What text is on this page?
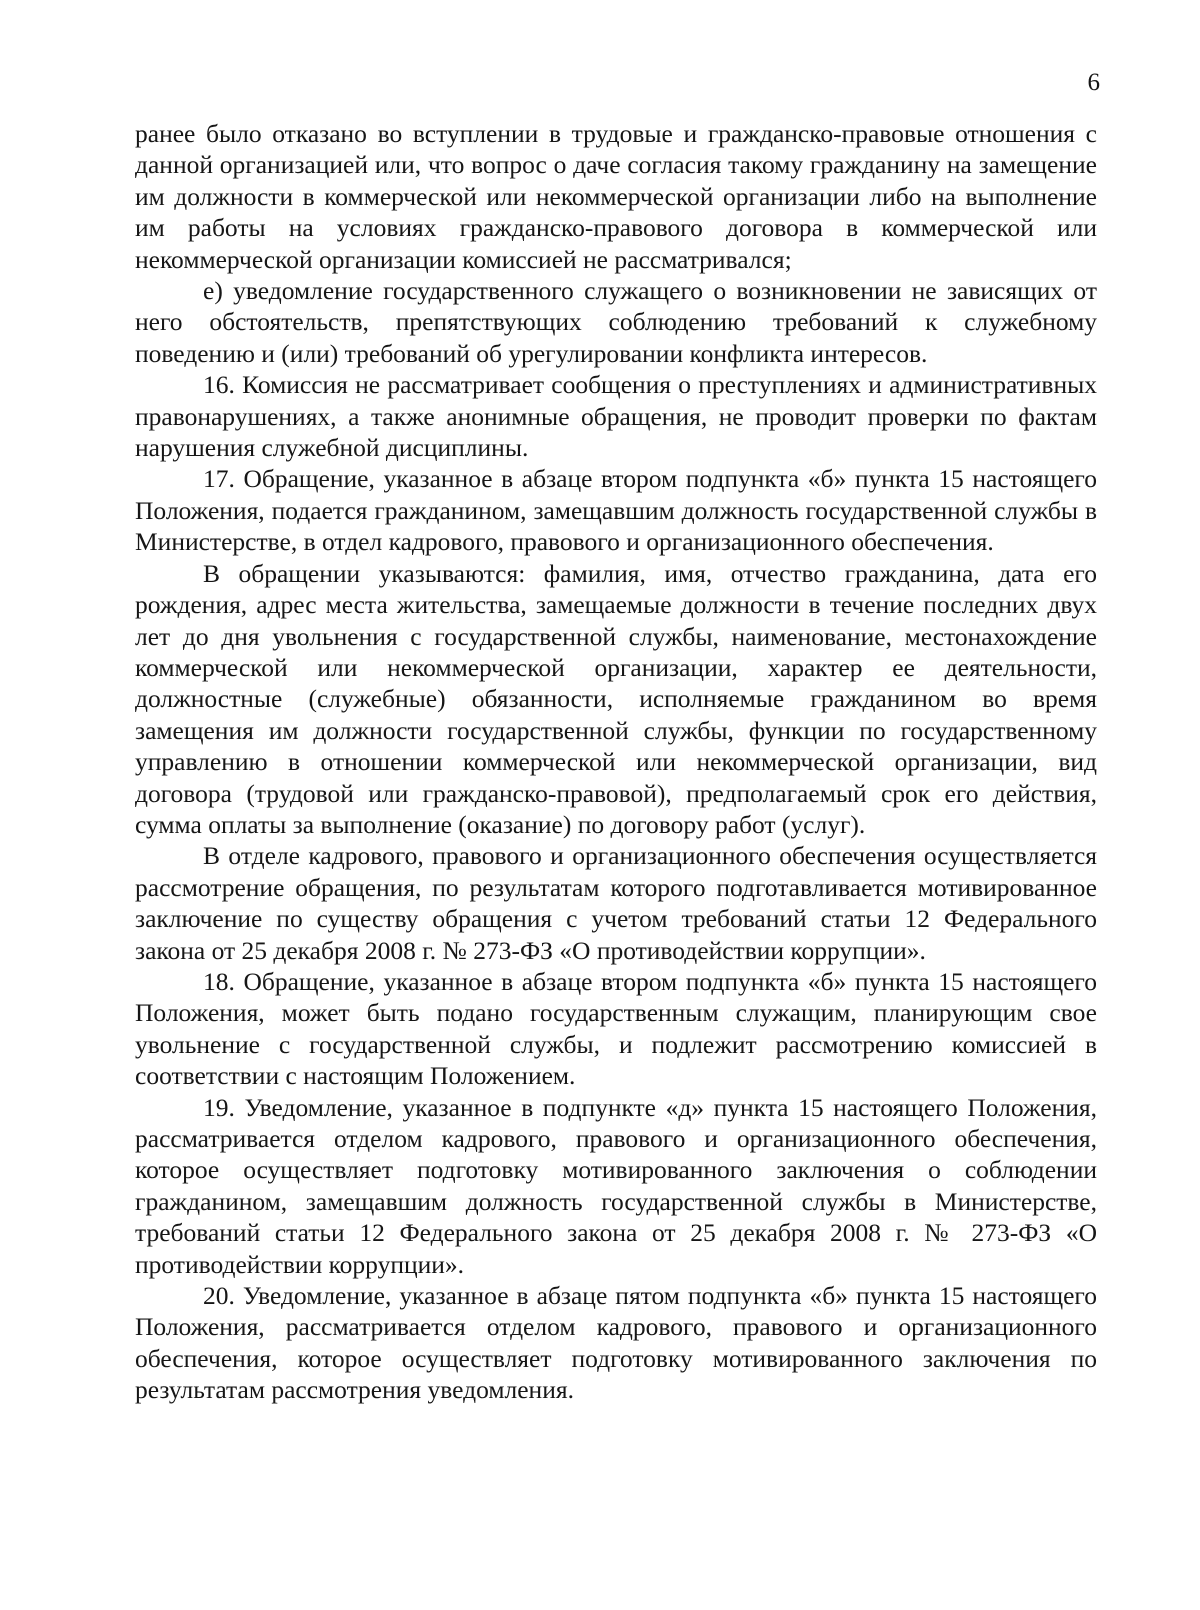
6

ранее было отказано во вступлении в трудовые и гражданско-правовые отношения с данной организацией или, что вопрос о даче согласия такому гражданину на замещение им должности в коммерческой или некоммерческой организации либо на выполнение им работы на условиях гражданско-правового договора в коммерческой или некоммерческой организации комиссией не рассматривался;

е) уведомление государственного служащего о возникновении не зависящих от него обстоятельств, препятствующих соблюдению требований к служебному поведению и (или) требований об урегулировании конфликта интересов.

16. Комиссия не рассматривает сообщения о преступлениях и административных правонарушениях, а также анонимные обращения, не проводит проверки по фактам нарушения служебной дисциплины.

17. Обращение, указанное в абзаце втором подпункта «б» пункта 15 настоящего Положения, подается гражданином, замещавшим должность государственной службы в Министерстве, в отдел кадрового, правового и организационного обеспечения.

В обращении указываются: фамилия, имя, отчество гражданина, дата его рождения, адрес места жительства, замещаемые должности в течение последних двух лет до дня увольнения с государственной службы, наименование, местонахождение коммерческой или некоммерческой организации, характер ее деятельности, должностные (служебные) обязанности, исполняемые гражданином во время замещения им должности государственной службы, функции по государственному управлению в отношении коммерческой или некоммерческой организации, вид договора (трудовой или гражданско-правовой), предполагаемый срок его действия, сумма оплаты за выполнение (оказание) по договору работ (услуг).

В отделе кадрового, правового и организационного обеспечения осуществляется рассмотрение обращения, по результатам которого подготавливается мотивированное заключение по существу обращения с учетом требований статьи 12 Федерального закона от 25 декабря 2008 г. № 273-ФЗ «О противодействии коррупции».

18. Обращение, указанное в абзаце втором подпункта «б» пункта 15 настоящего Положения, может быть подано государственным служащим, планирующим свое увольнение с государственной службы, и подлежит рассмотрению комиссией в соответствии с настоящим Положением.

19. Уведомление, указанное в подпункте «д» пункта 15 настоящего Положения, рассматривается отделом кадрового, правового и организационного обеспечения, которое осуществляет подготовку мотивированного заключения о соблюдении гражданином, замещавшим должность государственной службы в Министерстве, требований статьи 12 Федерального закона от 25 декабря 2008 г. № 273-ФЗ «О противодействии коррупции».

20. Уведомление, указанное в абзаце пятом подпункта «б» пункта 15 настоящего Положения, рассматривается отделом кадрового, правового и организационного обеспечения, которое осуществляет подготовку мотивированного заключения по результатам рассмотрения уведомления.
